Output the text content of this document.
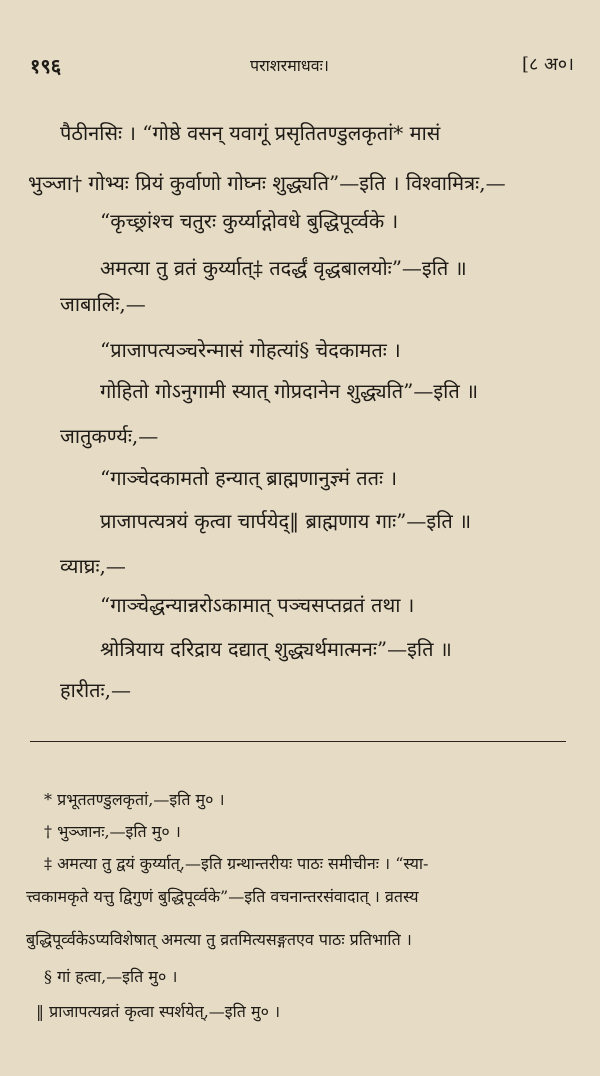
१९६	पराशरमाधवः।	[८ अ०।
पैठीनसिः । “गोष्ठे वसन् यवागूं प्रसृतितण्डुलकृतां* मासं
भुञ्जा† गोभ्यः प्रियं कुर्वाणो गोघ्नः शुद्ध्यति”—इति । विश्वामित्रः,—
“कृच्छ्रांश्च चतुरः कुर्य्याद्गोवधे बुद्धिपूर्व्वके ।
अमत्या तु व्रतं कुर्य्यात्‡ तदर्द्धं वृद्धबालयोः”—इति ॥
जाबालिः,—
“प्राजापत्यञ्चरेन्मासं गोहत्यां§ चेदकामतः ।
गोहितो गोऽनुगामी स्यात् गोप्रदानेन शुद्ध्यति”—इति ॥
जातुकर्ण्यः,—
“गाञ्चेदकामतो हन्यात् ब्राह्मणानुज्ञ्मं ततः ।
प्राजापत्यत्रयं कृत्वा चार्पयेद्‖ ब्राह्मणाय गाः”—इति ॥
व्याघ्रः,—
“गाञ्चेद्धन्यान्नरोऽकामात् पञ्चसप्तव्रतं तथा ।
श्रोत्रियाय दरिद्राय दद्यात् शुद्ध्यर्थमात्मनः”—इति ॥
हारीतः,—
* प्रभूततण्डुलकृतां,—इति मु० ।
† भुञ्जानः,—इति मु० ।
‡ अमत्या तु द्वयं कुर्य्यात्,—इति ग्रन्थान्तरीयः पाठः समीचीनः । “स्या-
त्त्वकामकृते यत्तु द्विगुणं बुद्धिपूर्व्वके”—इति वचनान्तरसंवादात् । व्रतस्य
बुद्धिपूर्व्वकेऽप्यविशेषात् अमत्या तु व्रतमित्यसङ्गतएव पाठः प्रतिभाति ।
§ गां हत्वा,—इति मु० ।
‖ प्राजापत्यव्रतं कृत्वा स्पर्शयेत्,—इति मु० ।
